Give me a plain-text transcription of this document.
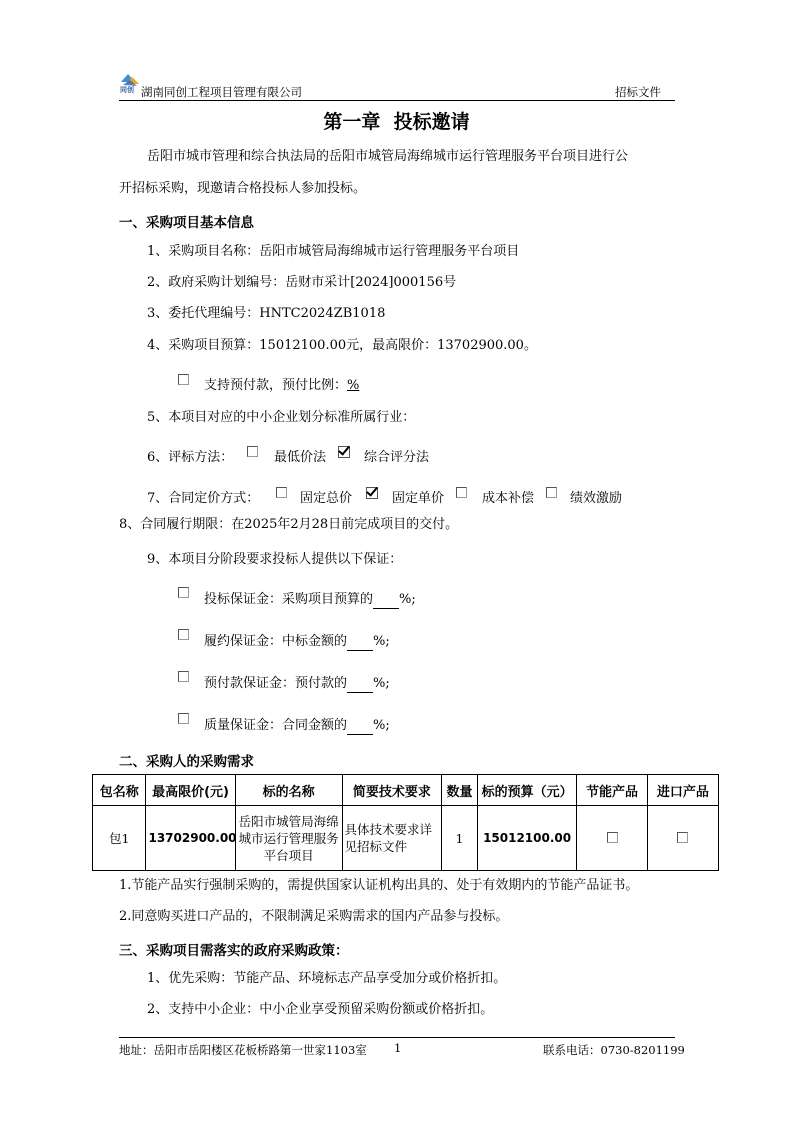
同创 湖南同创工程项目管理有限公司	招标文件
第一章  投标邀请
岳阳市城市管理和综合执法局的岳阳市城管局海绵城市运行管理服务平台项目进行公
开招标采购，现邀请合格投标人参加投标。
一、采购项目基本信息
1、采购项目名称：岳阳市城管局海绵城市运行管理服务平台项目
2、政府采购计划编号：岳财市采计[2024]000156号
3、委托代理编号：HNTC2024ZB1018
4、采购项目预算：15012100.00元，最高限价：13702900.00。
支持预付款，预付比例：%
5、本项目对应的中小企业划分标准所属行业：
6、评标方法：	最低价法	综合评分法
7、合同定价方式：	固定总价	固定单价	成本补偿	绩效激励
8、合同履行期限：在2025年2月28日前完成项目的交付。
9、本项目分阶段要求投标人提供以下保证：
投标保证金：采购项目预算的 %;
履约保证金：中标金额的 %;
预付款保证金：预付款的 %;
质量保证金：合同金额的 %;
二、采购人的采购需求
包名称	最高限价(元)	标的名称	简要技术要求	数量	标的预算（元）	节能产品	进口产品
包1	13702900.00	岳阳市城管局海绵城市运行管理服务平台项目	具体技术要求详见招标文件	1	15012100.00		
1.节能产品实行强制采购的，需提供国家认证机构出具的、处于有效期内的节能产品证书。
2.同意购买进口产品的，不限制满足采购需求的国内产品参与投标。
三、采购项目需落实的政府采购政策：
1、优先采购：节能产品、环境标志产品享受加分或价格折扣。
2、支持中小企业：中小企业享受预留采购份额或价格折扣。
地址：岳阳市岳阳楼区花板桥路第一世家1103室 1	联系电话：0730-8201199
